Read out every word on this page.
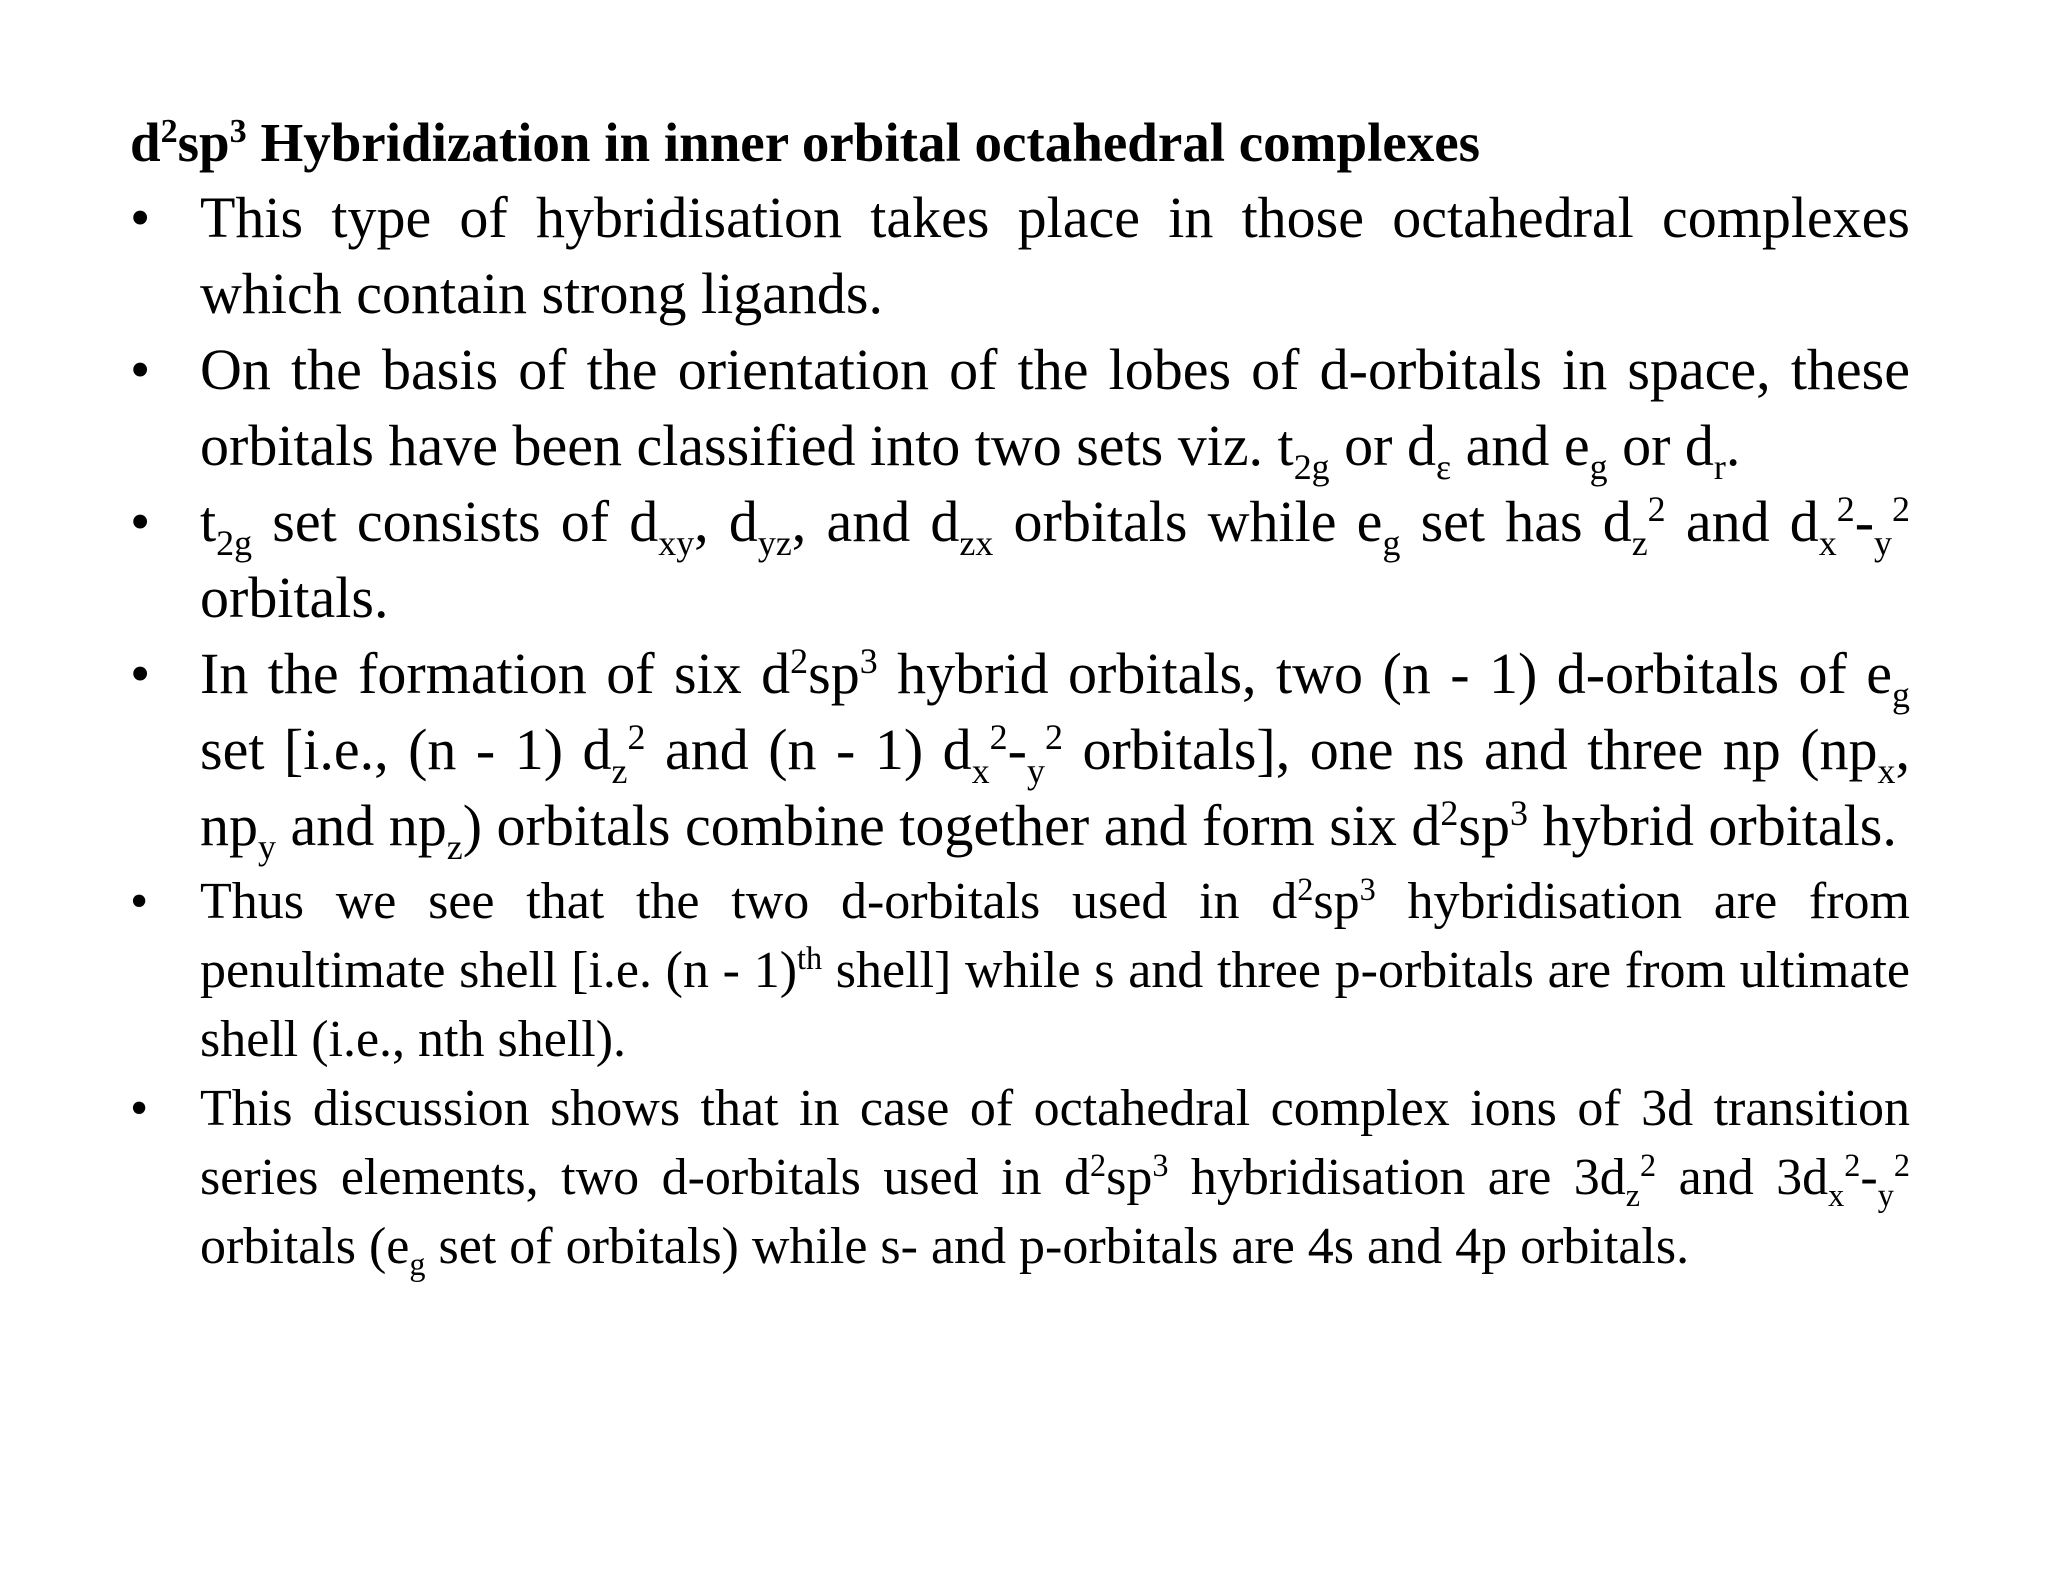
$d^2sp^3$ Hybridization in inner orbital octahedral complexes
• This type of hybridisation takes place in those octahedral complexes which contain strong ligands.
• On the basis of the orientation of the lobes of d-orbitals in space, these orbitals have been classified into two sets viz. $t_{2g}$ or $d_\varepsilon$ and $e_g$ or $d_r$.
• $t_{2g}$ set consists of $d_{xy}$, $d_{yz}$, and $d_{zx}$ orbitals while $e_g$ set has $d_z^2$ and $d_x^2-_y^2$ orbitals.
• In the formation of six $d^2sp^3$ hybrid orbitals, two (n - 1) d-orbitals of $e_g$ set [i.e., (n - 1) $d_z^2$ and (n - 1) $d_x^2-_y^2$ orbitals], one ns and three np ($np_x$, $np_y$ and $np_z$) orbitals combine together and form six $d^2sp^3$ hybrid orbitals.
• Thus we see that the two d-orbitals used in $d^2sp^3$ hybridisation are from penultimate shell [i.e. (n - 1)$^{th}$ shell] while s and three p-orbitals are from ultimate shell (i.e., nth shell).
• This discussion shows that in case of octahedral complex ions of 3d transition series elements, two d-orbitals used in $d^2sp^3$ hybridisation are $3d_z^2$ and $3d_x^2-_y^2$ orbitals ($e_g$ set of orbitals) while s- and p-orbitals are 4s and 4p orbitals.
